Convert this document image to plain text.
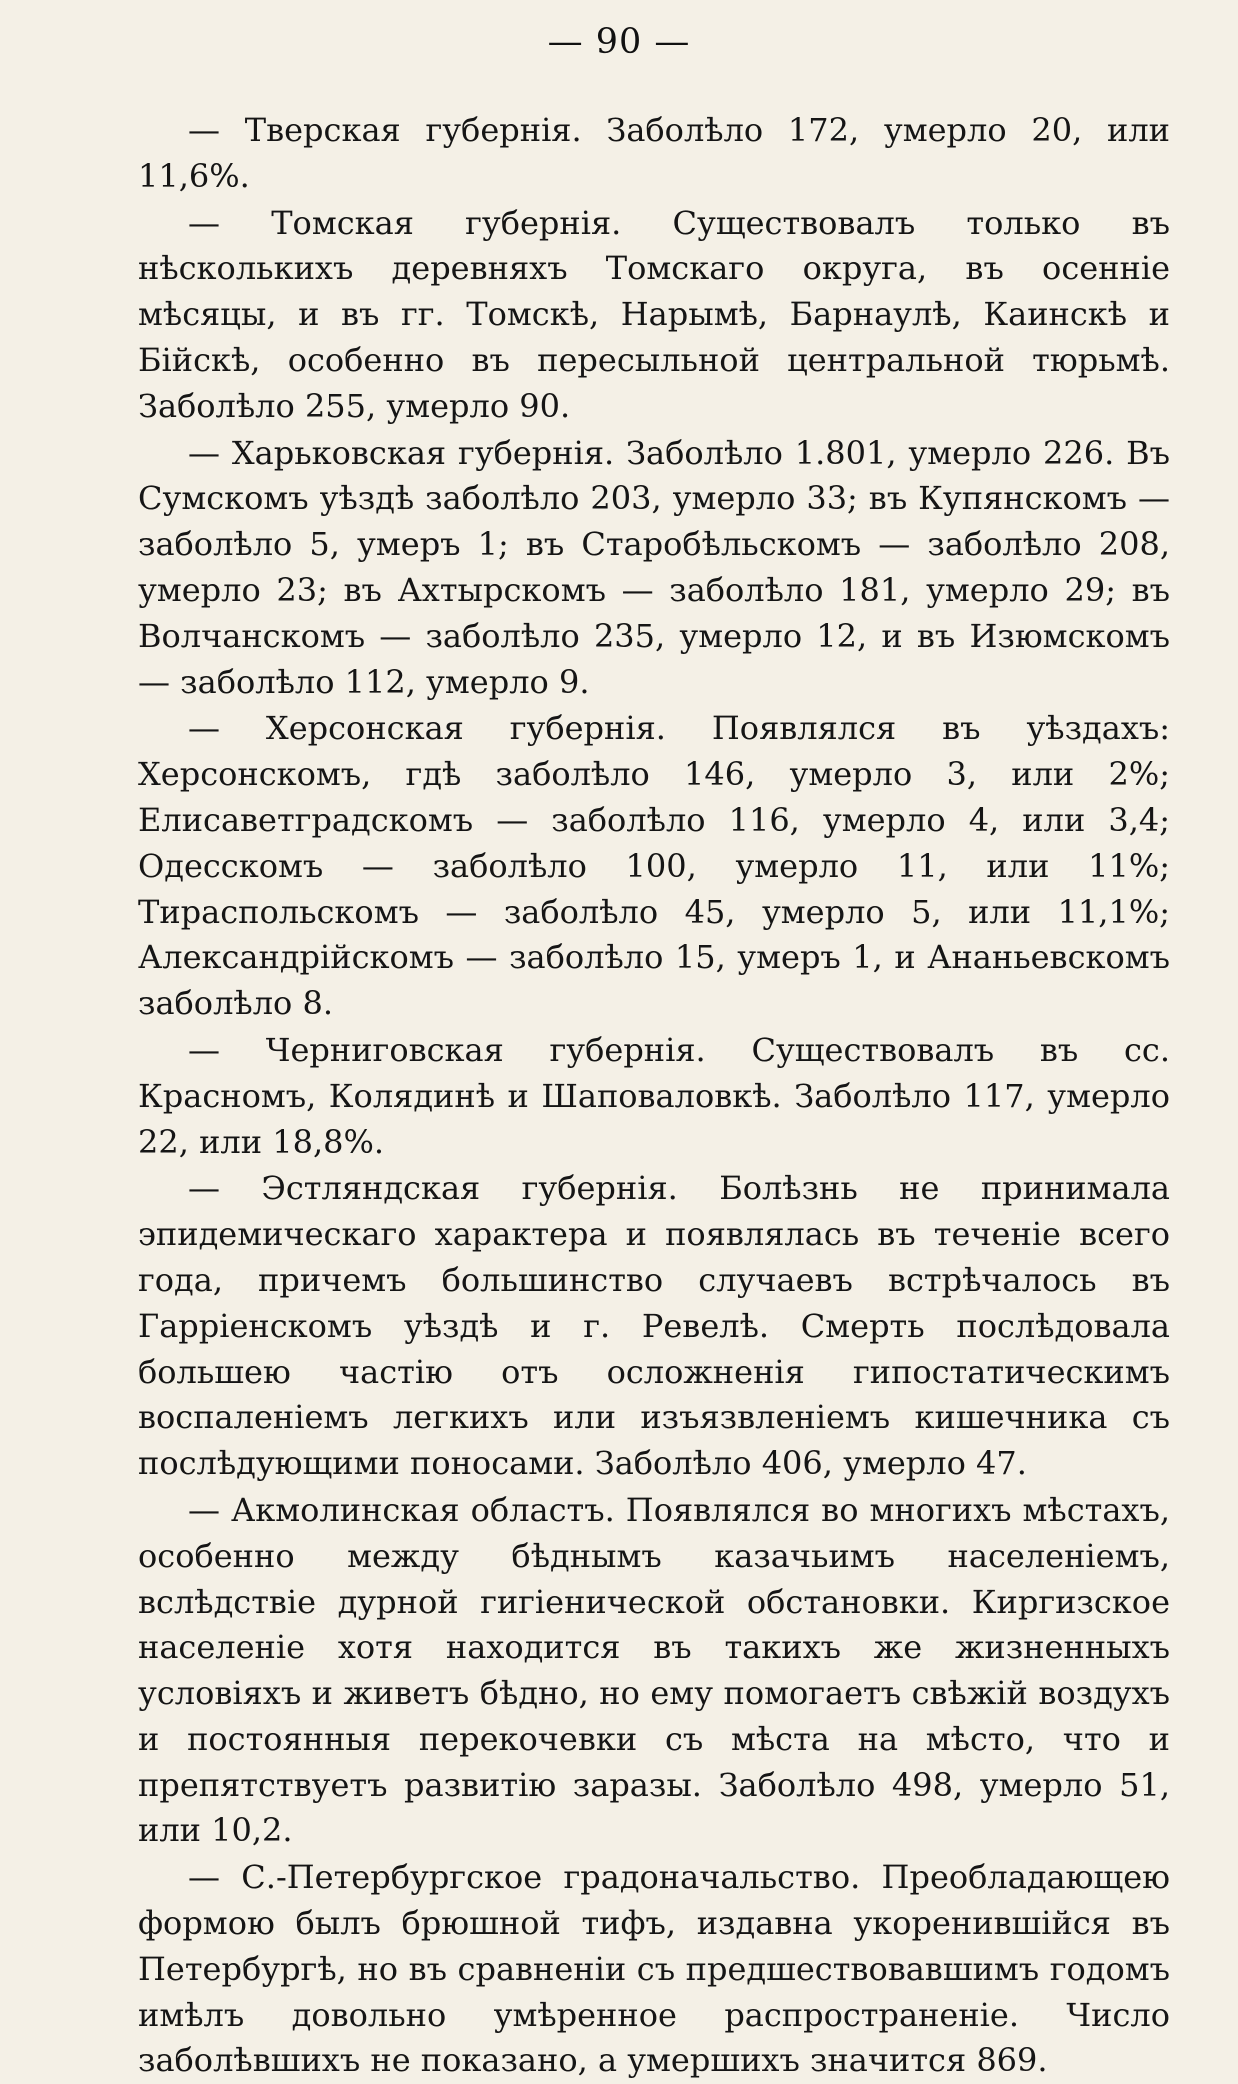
— 90 —

— Тверская губернія. Заболѣло 172, умерло 20, или 11,6%.

— Томская губернія. Существовалъ только въ нѣсколькихъ деревняхъ Томскаго округа, въ осенніе мѣсяцы, и въ гг. Томскѣ, Нарымѣ, Барнаулѣ, Каинскѣ и Бійскѣ, особенно въ пересыльной центральной тюрьмѣ. Заболѣло 255, умерло 90.

— Харьковская губернія. Заболѣло 1.801, умерло 226. Въ Сумскомъ уѣздѣ заболѣло 203, умерло 33; въ Купянскомъ — заболѣло 5, умеръ 1; въ Старобѣльскомъ — заболѣло 208, умерло 23; въ Ахтырскомъ — заболѣло 181, умерло 29; въ Волчанскомъ — заболѣло 235, умерло 12, и въ Изюмскомъ — заболѣло 112, умерло 9.

— Херсонская губернія. Появлялся въ уѣздахъ: Херсонскомъ, гдѣ заболѣло 146, умерло 3, или 2%; Елисаветградскомъ — заболѣло 116, умерло 4, или 3,4; Одесскомъ — заболѣло 100, умерло 11, или 11%; Тираспольскомъ — заболѣло 45, умерло 5, или 11,1%; Александрійскомъ — заболѣло 15, умеръ 1, и Ананьевскомъ заболѣло 8.

— Черниговская губернія. Существовалъ въ сс. Красномъ, Колядинѣ и Шаповаловкѣ. Заболѣло 117, умерло 22, или 18,8%.

— Эстляндская губернія. Болѣзнь не принимала эпидемическаго характера и появлялась въ теченіе всего года, причемъ большинство случаевъ встрѣчалось въ Гарріенскомъ уѣздѣ и г. Ревелѣ. Смерть послѣдовала большею частію отъ осложненія гипостатическимъ воспаленіемъ легкихъ или изъязвленіемъ кишечника съ послѣдующими поносами. Заболѣло 406, умерло 47.

— Акмолинская областъ. Появлялся во многихъ мѣстахъ, особенно между бѣднымъ казачьимъ населеніемъ, вслѣдствіе дурной гигіенической обстановки. Киргизское населеніе хотя находится въ такихъ же жизненныхъ условіяхъ и живетъ бѣдно, но ему помогаетъ свѣжій воздухъ и постоянныя перекочевки съ мѣста на мѣсто, что и препятствуетъ развитію заразы. Заболѣло 498, умерло 51, или 10,2.

— С.-Петербургское градоначальство. Преобладающею формою былъ брюшной тифъ, издавна укоренившійся въ Петербургѣ, но въ сравненіи съ предшествовавшимъ годомъ имѣлъ довольно умѣренное распространеніе. Число заболѣвшихъ не показано, а умершихъ значится 869.
